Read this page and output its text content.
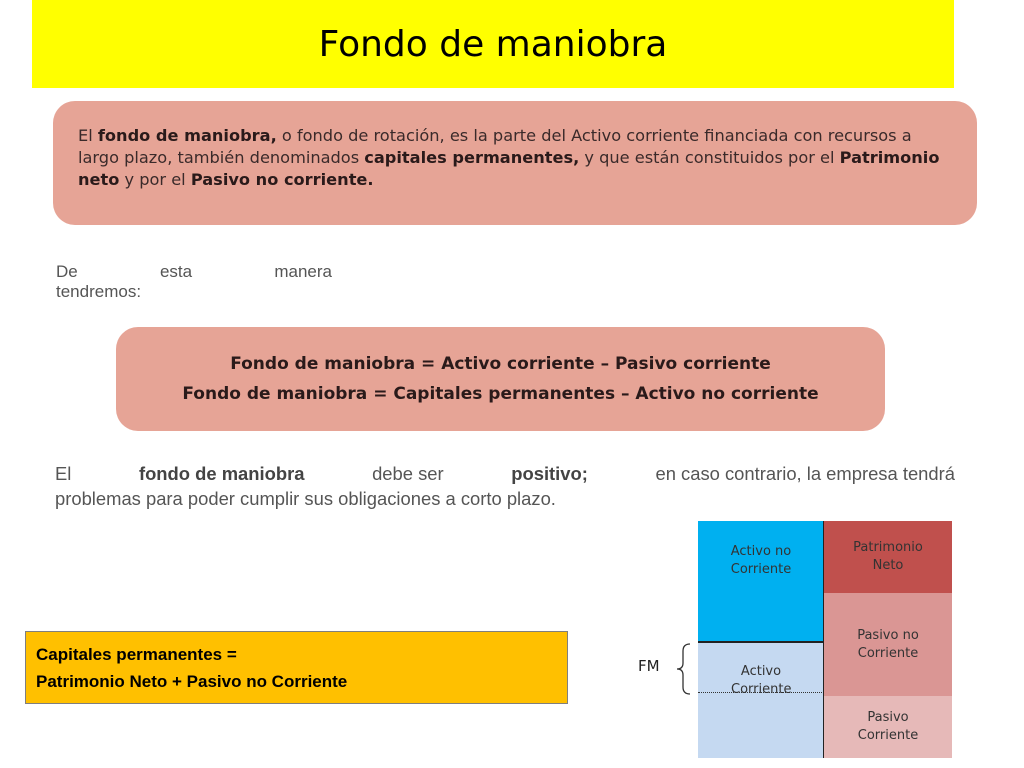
Fondo de maniobra
El fondo de maniobra, o fondo de rotación, es la parte del Activo corriente financiada con recursos a largo plazo, también denominados capitales permanentes, y que están constituidos por el Patrimonio neto y por el Pasivo no corriente.
De	esta	manera
tendremos:
Fondo de maniobra = Activo corriente – Pasivo corriente
Fondo de maniobra = Capitales permanentes – Activo no corriente
El	fondo de maniobra	debe ser	positivo;	en caso contrario, la empresa tendrá
problemas para poder cumplir sus obligaciones a corto plazo.
Capitales permanentes =
Patrimonio Neto + Pasivo no Corriente
FM
Activo no Corriente
Activo Corriente
Patrimonio Neto
Pasivo no Corriente
Pasivo Corriente
